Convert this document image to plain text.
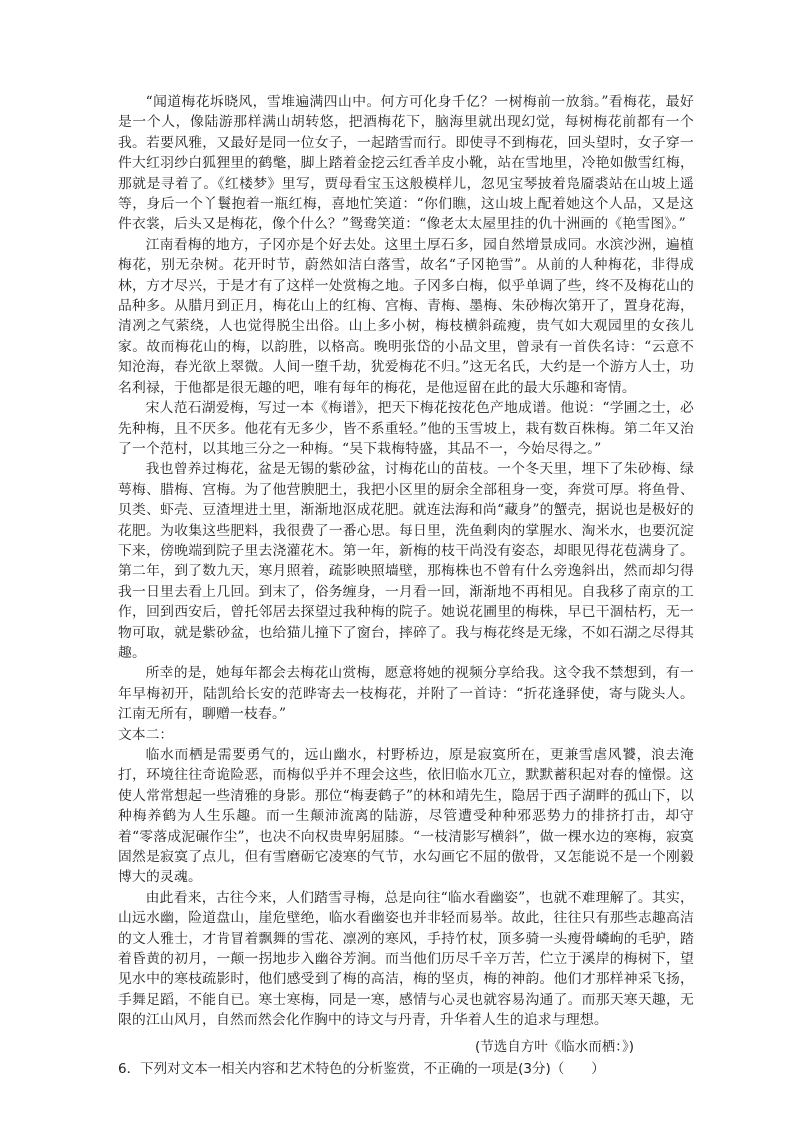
“闻道梅花坼晓风，雪堆遍满四山中。何方可化身千亿？一树梅前一放翁。”看梅花，最好是一个人，像陆游那样满山胡转悠，把酒梅花下，脑海里就出现幻觉，每树梅花前都有一个我。若要风雅，又最好是同一位女子，一起踏雪而行。即使寻不到梅花，回头望时，女子穿一件大红羽纱白狐狸里的鹤氅，脚上踏着金挖云红香羊皮小靴，站在雪地里，冷艳如傲雪红梅，那就是寻着了。《红楼梦》里写，贾母看宝玉这般模样儿，忽见宝琴披着凫靥裘站在山坡上遥等，身后一个丫鬟抱着一瓶红梅，喜地忙笑道：“你们瞧，这山坡上配着她这个人品，又是这件衣裳，后头又是梅花，像个什么？”鸳鸯笑道：“像老太太屋里挂的仇十洲画的《艳雪图》。”

江南看梅的地方，子冈亦是个好去处。这里土厚石多，园自然增景成同。水滨沙洲，遍植梅花，别无杂树。花开时节，蔚然如洁白落雪，故名“子冈艳雪”。从前的人种梅花，非得成林，方才尽兴，于是才有了这样一处赏梅之地。子冈多白梅，似乎单调了些，终不及梅花山的品种多。从腊月到正月，梅花山上的红梅、宫梅、青梅、墨梅、朱砂梅次第开了，置身花海，清冽之气萦绕，人也觉得脱尘出俗。山上多小树，梅枝横斜疏瘦，贵气如大观园里的女孩儿家。故而梅花山的梅，以韵胜，以格高。晚明张岱的小品文里，曾录有一首佚名诗：“云意不知沧海，春光欲上翠微。人间一堕千劫，犹爱梅花不归。”这无名氏，大约是一个游方人士，功名利禄，于他都是很无趣的吧，唯有每年的梅花，是他逗留在此的最大乐趣和寄情。

宋人范石湖爱梅，写过一本《梅谱》，把天下梅花按花色产地成谱。他说：“学圃之士，必先种梅，且不厌多。他花有无多少，皆不系重轻。”他的玉雪坡上，栽有数百株梅。第二年又治了一个范村，以其地三分之一种梅。“吴下栽梅特盛，其品不一，今始尽得之。”

我也曾养过梅花，盆是无锡的紫砂盆，讨梅花山的苗枝。一个冬天里，埋下了朱砂梅、绿萼梅、腊梅、宫梅。为了他营腴肥土，我把小区里的厨余全部租身一变，奔赏可厚。将鱼骨、贝类、虾壳、豆渣埋进土里，渐渐地沤成花肥。就连法海和尚“藏身”的蟹壳，据说也是极好的花肥。为收集这些肥料，我很费了一番心思。每日里，洗鱼剩肉的掌腥水、淘米水，也要沉淀下来，傍晚端到院子里去浇灌花木。第一年，新梅的枝干尚没有姿态，却眼见得花苞满身了。第二年，到了数九天，寒月照着，疏影映照墙壁，那梅株也不曾有什么旁逸斜出，然而却匀得我一日里去看上几回。到末了，俗务缠身，一月看一回，渐渐地不再相见。自我移了南京的工作，回到西安后，曾托邻居去探望过我种梅的院子。她说花圃里的梅株，早已干涸枯朽，无一物可取，就是紫砂盆，也给猫儿撞下了窗台，摔碎了。我与梅花终是无缘，不如石湖之尽得其趣。

所幸的是，她每年都会去梅花山赏梅，愿意将她的视频分享给我。这令我不禁想到，有一年早梅初开，陆凯给长安的范晔寄去一枝梅花，并附了一首诗：“折花逢驿使，寄与陇头人。江南无所有，聊赠一枝春。”

文本二：

临水而栖是需要勇气的，远山幽水，村野桥边，原是寂寞所在，更兼雪虐风饕，浪去淹打，环境往往奇诡险恶，而梅似乎并不理会这些，依旧临水兀立，默默蓄积起对春的憧憬。这使人常常想起一些清雅的身影。那位“梅妻鹤子”的林和靖先生，隐居于西子湖畔的孤山下，以种梅养鹤为人生乐趣。而一生颠沛流离的陆游，尽管遭受种种邪恶势力的排挤打击，却守着“零落成泥碾作尘”，也决不向权贵卑躬屈膝。“一枝清影写横斜”，做一棵水边的寒梅，寂寞固然是寂寞了点儿，但有雪磨砺它凌寒的气节，水勾画它不屈的傲骨，又怎能说不是一个刚毅博大的灵魂。

由此看来，古往今来，人们踏雪寻梅，总是向往“临水看幽姿”，也就不难理解了。其实，山远水幽，险道盘山，崖危壁绝，临水看幽姿也并非轻而易举。故此，往往只有那些志趣高洁的文人雅士，才肯冒着飘舞的雪花、凛冽的寒风，手持竹杖，顶多骑一头瘦骨嶙峋的毛驴，踏着昏黄的初月，一颠一拐地步入幽谷芳涧。而当他们历尽千辛万苦，伫立于溪岸的梅树下，望见水中的寒枝疏影时，他们感受到了梅的高洁，梅的坚贞，梅的神韵。他们才那样神采飞扬，手舞足蹈，不能自已。寒士寒梅，同是一寒，感情与心灵也就容易沟通了。而那天寒天趣，无限的江山风月，自然而然会化作胸中的诗文与丹青，升华着人生的追求与理想。

(节选自方叶《临水而栖：》)

6．下列对文本一相关内容和艺术特色的分析鉴赏，不正确的一项是(3分)（　　）
